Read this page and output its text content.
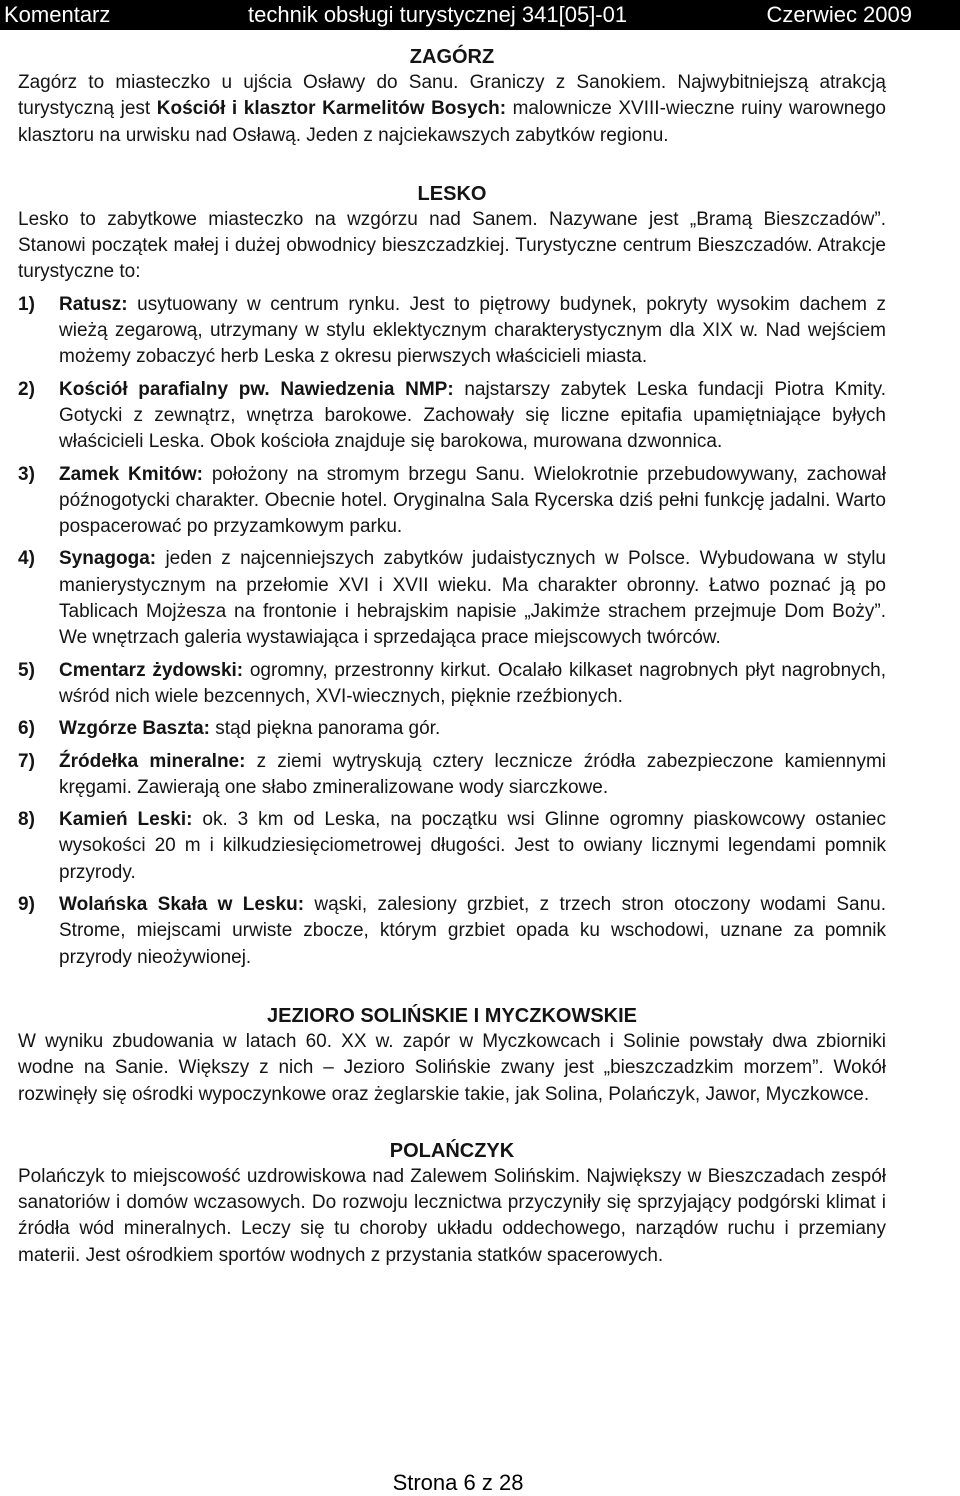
Komentarz	technik obsługi turystycznej 341[05]-01	Czerwiec 2009
ZAGÓRZ

Zagórz to miasteczko u ujścia Osławy do Sanu. Graniczy z Sanokiem. Najwybitniejszą atrakcją turystyczną jest Kościół i klasztor Karmelitów Bosych: malownicze XVIII-wieczne ruiny warownego klasztoru na urwisku nad Osławą. Jeden z najciekawszych zabytków regionu.

LESKO

Lesko to zabytkowe miasteczko na wzgórzu nad Sanem. Nazywane jest „Bramą Bieszczadów”. Stanowi początek małej i dużej obwodnicy bieszczadzkiej. Turystyczne centrum Bieszczadów. Atrakcje turystyczne to:

1) Ratusz: usytuowany w centrum rynku. Jest to piętrowy budynek, pokryty wysokim dachem z wieżą zegarową, utrzymany w stylu eklektycznym charakterystycznym dla XIX w. Nad wejściem możemy zobaczyć herb Leska z okresu pierwszych właścicieli miasta.
2) Kościół parafialny pw. Nawiedzenia NMP: najstarszy zabytek Leska fundacji Piotra Kmity. Gotycki z zewnątrz, wnętrza barokowe. Zachowały się liczne epitafia upamiętniające byłych właścicieli Leska. Obok kościoła znajduje się barokowa, murowana dzwonnica.
3) Zamek Kmitów: położony na stromym brzegu Sanu. Wielokrotnie przebudowywany, zachował późnogotycki charakter. Obecnie hotel. Oryginalna Sala Rycerska dziś pełni funkcję jadalni. Warto pospacerować po przyzamkowym parku.
4) Synagoga: jeden z najcenniejszych zabytków judaistycznych w Polsce. Wybudowana w stylu manierystycznym na przełomie XVI i XVII wieku. Ma charakter obronny. Łatwo poznać ją po Tablicach Mojżesza na frontonie i hebrajskim napisie „Jakimże strachem przejmuje Dom Boży”. We wnętrzach galeria wystawiająca i sprzedająca prace miejscowych twórców.
5) Cmentarz żydowski: ogromny, przestronny kirkut. Ocalało kilkaset nagrobnych płyt nagrobnych, wśród nich wiele bezcennych, XVI-wiecznych, pięknie rzeźbionych.
6) Wzgórze Baszta: stąd piękna panorama gór.
7) Źródełka mineralne: z ziemi wytryskują cztery lecznicze źródła zabezpieczone kamiennymi kręgami. Zawierają one słabo zmineralizowane wody siarczkowe.
8) Kamień Leski: ok. 3 km od Leska, na początku wsi Glinne ogromny piaskowcowy ostaniec wysokości 20 m i kilkudziesięciometrowej długości. Jest to owiany licznymi legendami pomnik przyrody.
9) Wolańska Skała w Lesku: wąski, zalesiony grzbiet, z trzech stron otoczony wodami Sanu. Strome, miejscami urwiste zbocze, którym grzbiet opada ku wschodowi, uznane za pomnik przyrody nieożywionej.
JEZIORO SOLIŃSKIE I MYCZKOWSKIE

W wyniku zbudowania w latach 60. XX w. zapór w Myczkowcach i Solinie powstały dwa zbiorniki wodne na Sanie. Większy z nich – Jezioro Solińskie zwany jest „bieszczadzkim morzem”. Wokół rozwinęły się ośrodki wypoczynkowe oraz żeglarskie takie, jak Solina, Polańczyk, Jawor, Myczkowce.

POLAŃCZYK

Polańczyk to miejscowość uzdrowiskowa nad Zalewem Solińskim. Największy w Bieszczadach zespół sanatoriów i domów wczasowych. Do rozwoju lecznictwa przyczyniły się sprzyjający podgórski klimat i źródła wód mineralnych. Leczy się tu choroby układu oddechowego, narządów ruchu i przemiany materii. Jest ośrodkiem sportów wodnych z przystania statków spacerowych.

Strona 6 z 28
